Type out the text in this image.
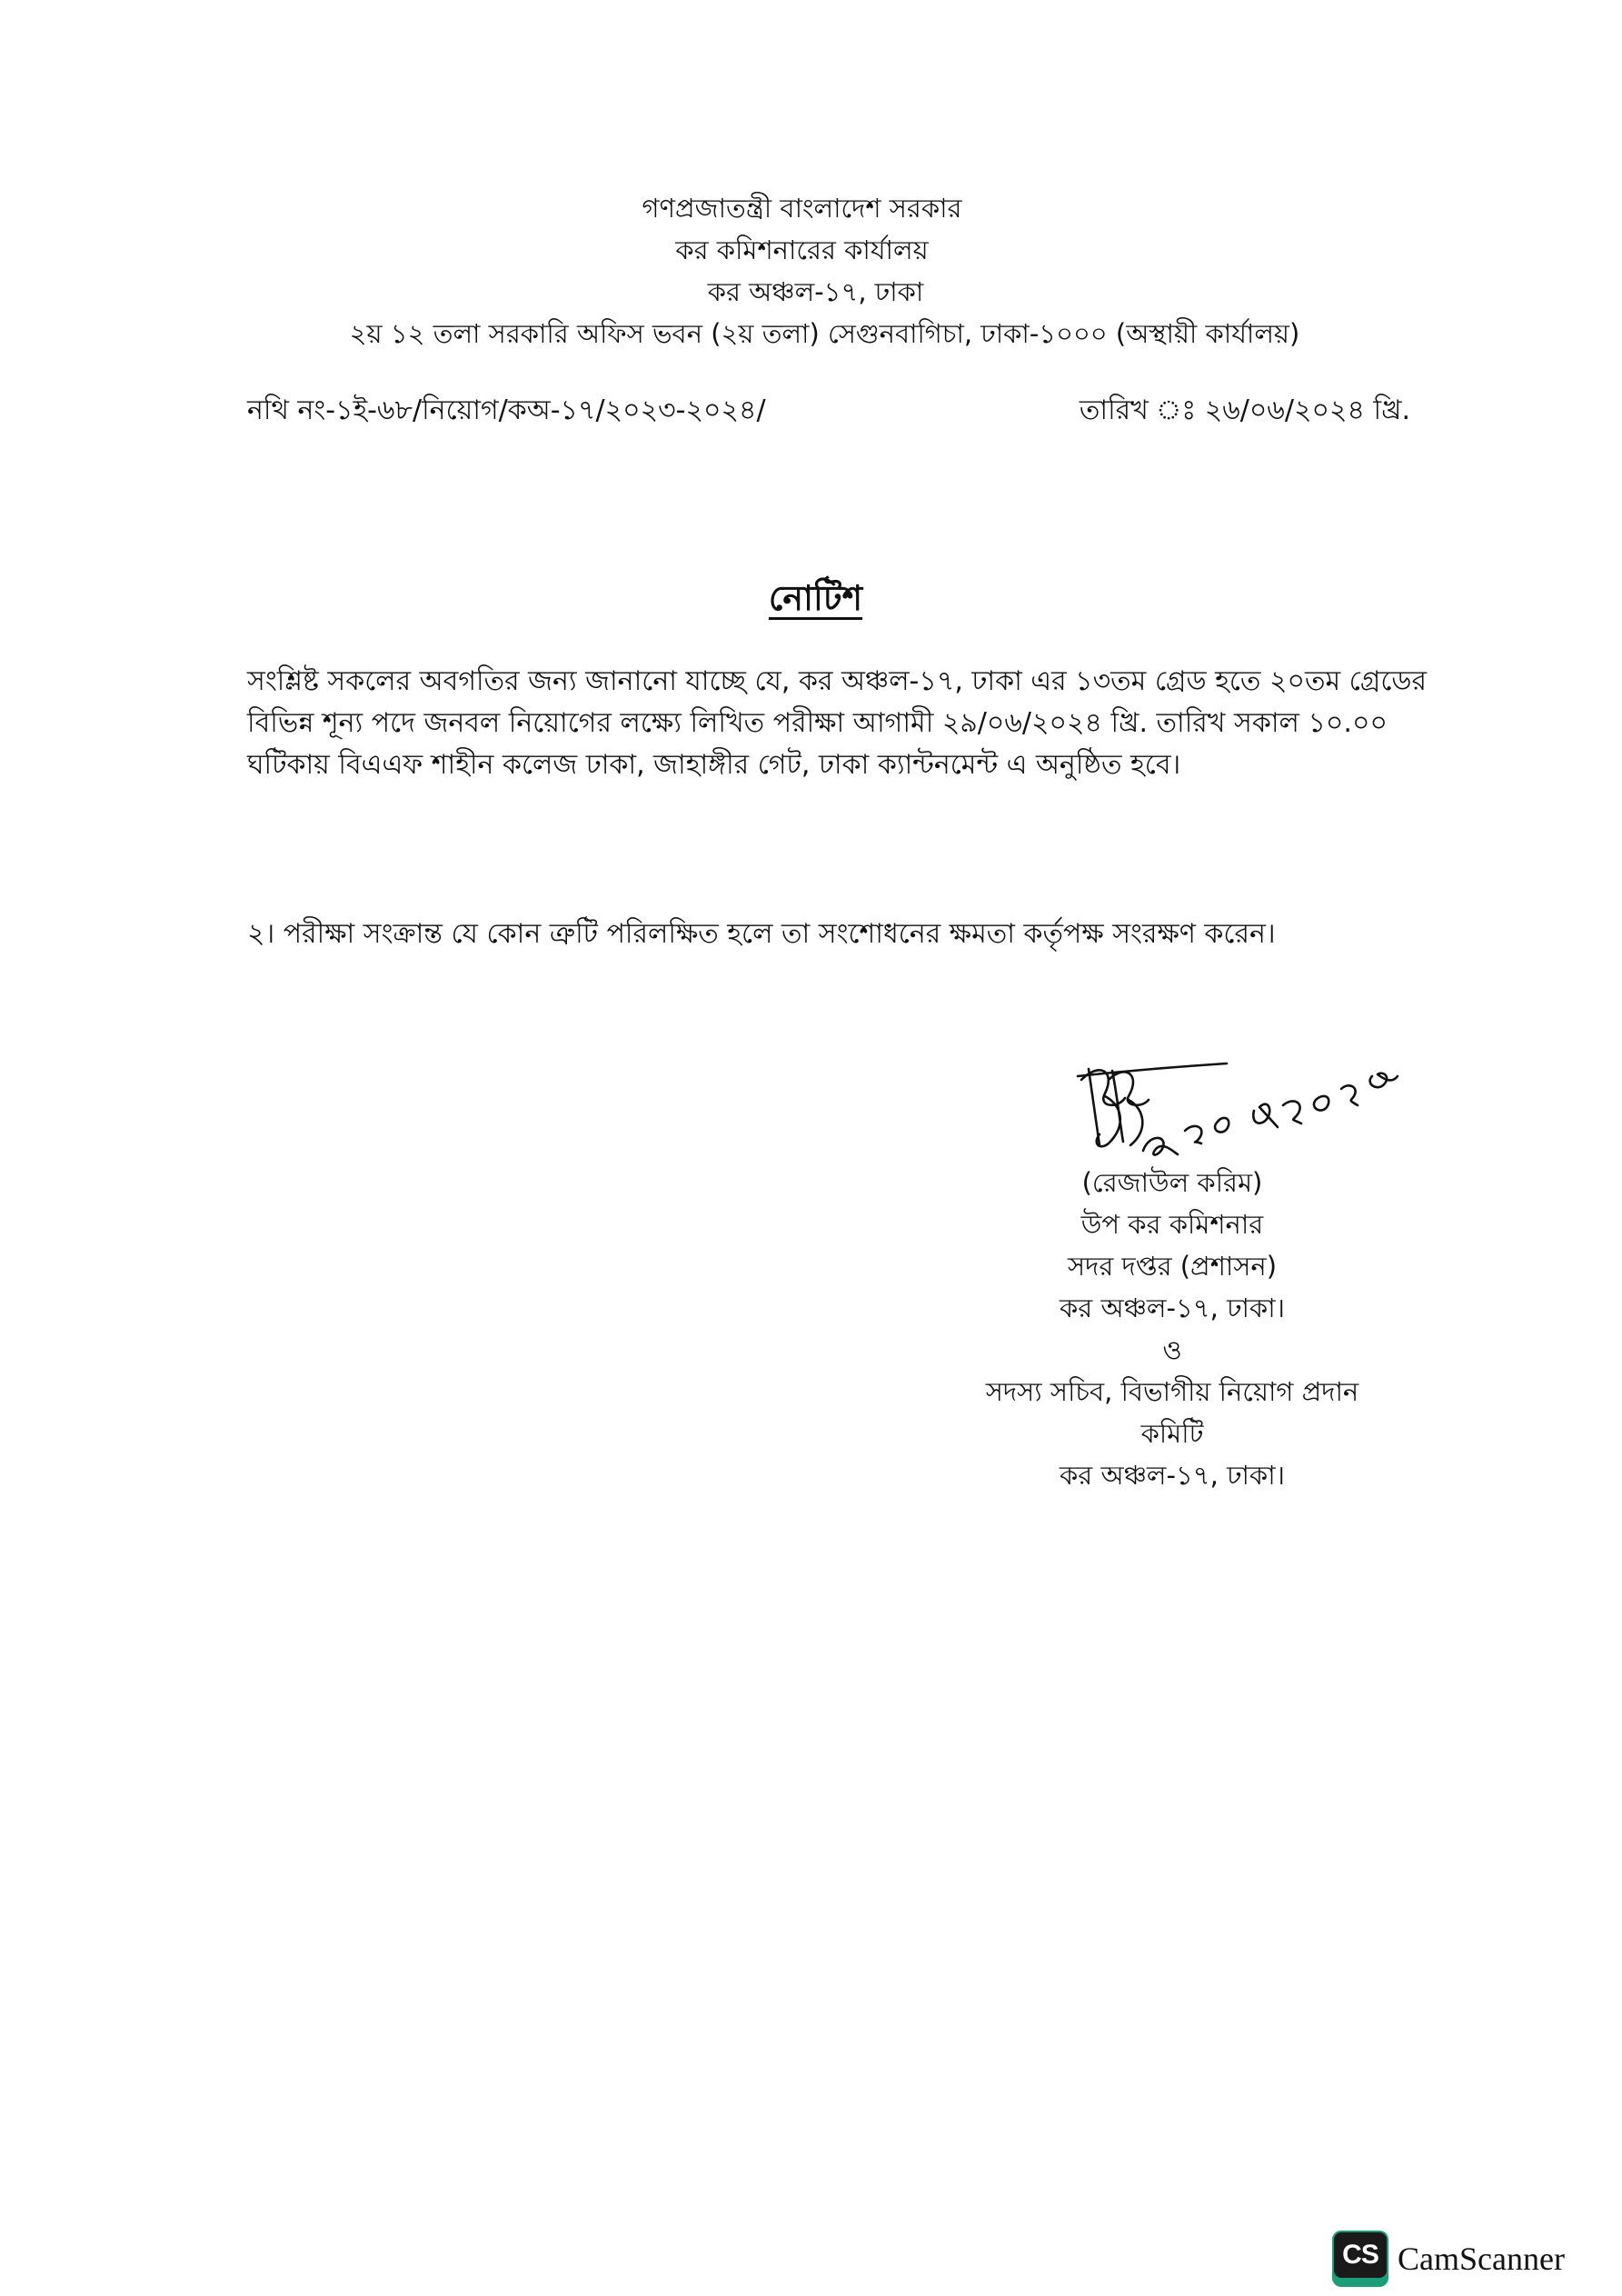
গণপ্রজাতন্ত্রী বাংলাদেশ সরকার
কর কমিশনারের কার্যালয়
কর অঞ্চল-১৭, ঢাকা
২য় ১২ তলা সরকারি অফিস ভবন (২য় তলা) সেগুনবাগিচা, ঢাকা-১০০০ (অস্থায়ী কার্যালয়)
নথি নং-১ই-৬৮/নিয়োগ/কঅ-১৭/২০২৩-২০২৪/	তারিখ ঃ ২৬/০৬/২০২৪ খ্রি.
নোটিশ
সংশ্লিষ্ট সকলের অবগতির জন্য জানানো যাচ্ছে যে, কর অঞ্চল-১৭, ঢাকা এর ১৩তম গ্রেড হতে ২০তম গ্রেডের
বিভিন্ন শূন্য পদে জনবল নিয়োগের লক্ষ্যে লিখিত পরীক্ষা আগামী ২৯/০৬/২০২৪ খ্রি. তারিখ সকাল ১০.০০
ঘটিকায় বিএএফ শাহীন কলেজ ঢাকা, জাহাঙ্গীর গেট, ঢাকা ক্যান্টনমেন্ট এ অনুষ্ঠিত হবে।
২। পরীক্ষা সংক্রান্ত যে কোন ত্রুটি পরিলক্ষিত হলে তা সংশোধনের ক্ষমতা কর্তৃপক্ষ সংরক্ষণ করেন।
(রেজাউল করিম)
উপ কর কমিশনার
সদর দপ্তর (প্রশাসন)
কর অঞ্চল-১৭, ঢাকা।
ও
সদস্য সচিব, বিভাগীয় নিয়োগ প্রদান
কমিটি
কর অঞ্চল-১৭, ঢাকা।
CS CamScanner
